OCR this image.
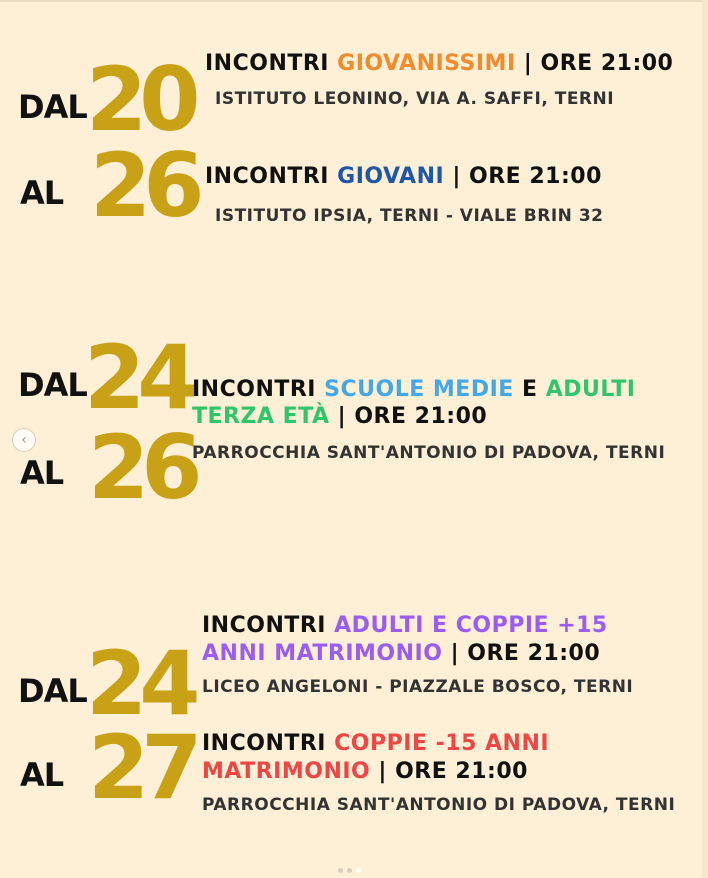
DAL 20
AL 26
INCONTRI GIOVANISSIMI | ORE 21:00
ISTITUTO LEONINO, VIA A. SAFFI, TERNI
INCONTRI GIOVANI | ORE 21:00
ISTITUTO IPSIA, TERNI - VIALE BRIN 32
DAL
24
AL 26
INCONTRI SCUOLE MEDIE E ADULTI
TERZA ETÀ | ORE 21:00
PARROCCHIA SANT'ANTONIO DI PADOVA, TERNI
DAL 24
AL 27
INCONTRI ADULTI E COPPIE +15
ANNI MATRIMONIO | ORE 21:00
LICEO ANGELONI - PIAZZALE BOSCO, TERNI
INCONTRI COPPIE -15 ANNI
MATRIMONIO | ORE 21:00
PARROCCHIA SANT'ANTONIO DI PADOVA, TERNI
‹
